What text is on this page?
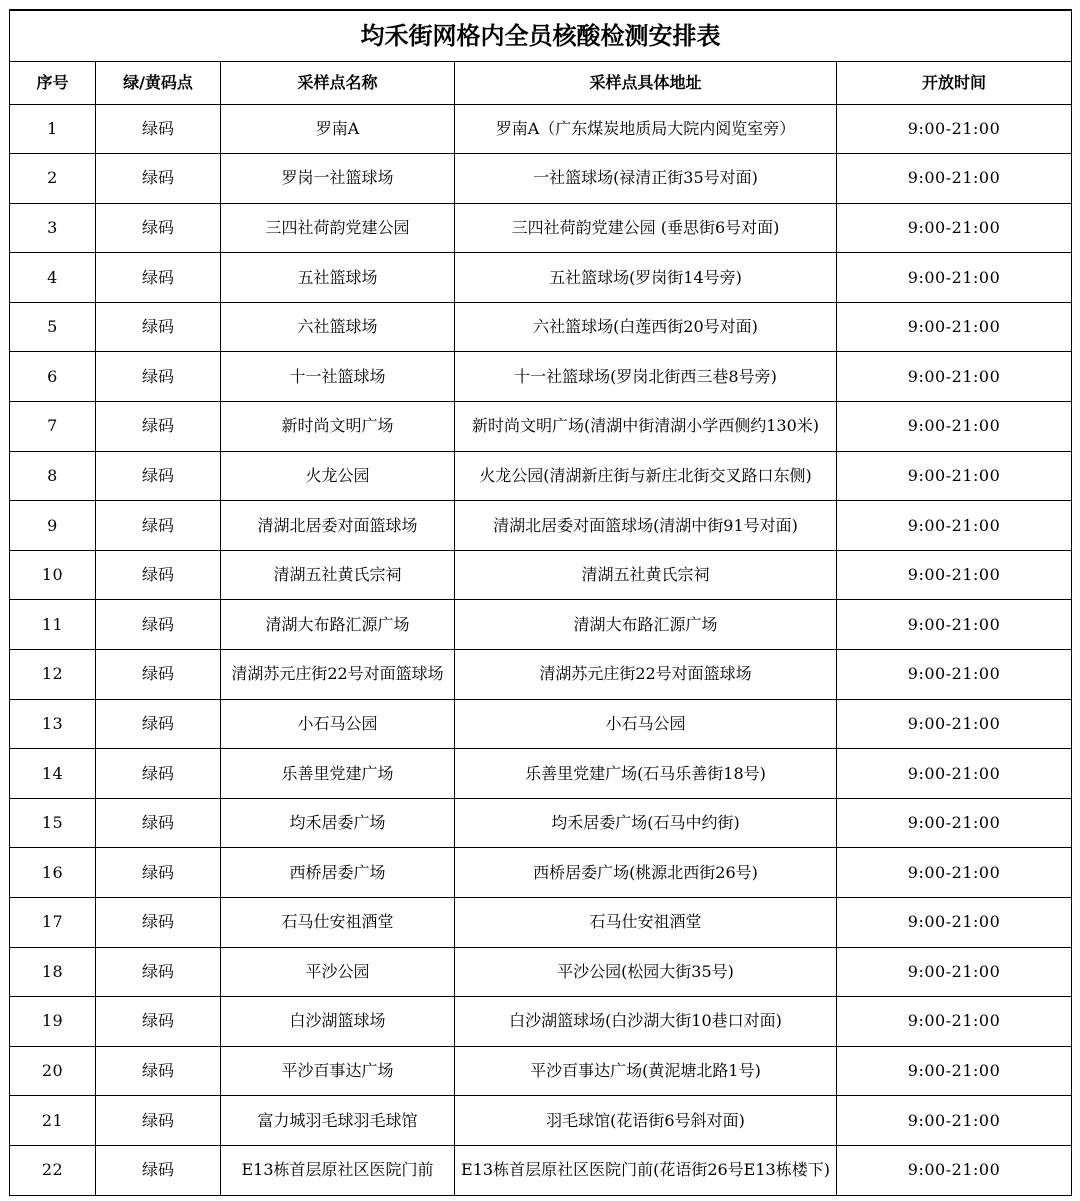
均禾街网格内全员核酸检测安排表				
序号	绿/黄码点	采样点名称	采样点具体地址	开放时间
1	绿码	罗南A	罗南A（广东煤炭地质局大院内阅览室旁）	9:00-21:00
2	绿码	罗岗一社篮球场	一社篮球场(禄清正街35号对面)	9:00-21:00
3	绿码	三四社荷韵党建公园	三四社荷韵党建公园 (垂思街6号对面)	9:00-21:00
4	绿码	五社篮球场	五社篮球场(罗岗街14号旁)	9:00-21:00
5	绿码	六社篮球场	六社篮球场(白莲西街20号对面)	9:00-21:00
6	绿码	十一社篮球场	十一社篮球场(罗岗北街西三巷8号旁)	9:00-21:00
7	绿码	新时尚文明广场	新时尚文明广场(清湖中街清湖小学西侧约130米)	9:00-21:00
8	绿码	火龙公园	火龙公园(清湖新庄街与新庄北街交叉路口东侧)	9:00-21:00
9	绿码	清湖北居委对面篮球场	清湖北居委对面篮球场(清湖中街91号对面)	9:00-21:00
10	绿码	清湖五社黄氏宗祠	清湖五社黄氏宗祠	9:00-21:00
11	绿码	清湖大布路汇源广场	清湖大布路汇源广场	9:00-21:00
12	绿码	清湖苏元庄街22号对面篮球场	清湖苏元庄街22号对面篮球场	9:00-21:00
13	绿码	小石马公园	小石马公园	9:00-21:00
14	绿码	乐善里党建广场	乐善里党建广场(石马乐善街18号)	9:00-21:00
15	绿码	均禾居委广场	均禾居委广场(石马中约街)	9:00-21:00
16	绿码	西桥居委广场	西桥居委广场(桃源北西街26号)	9:00-21:00
17	绿码	石马仕安祖酒堂	石马仕安祖酒堂	9:00-21:00
18	绿码	平沙公园	平沙公园(松园大街35号)	9:00-21:00
19	绿码	白沙湖篮球场	白沙湖篮球场(白沙湖大街10巷口对面)	9:00-21:00
20	绿码	平沙百事达广场	平沙百事达广场(黄泥塘北路1号)	9:00-21:00
21	绿码	富力城羽毛球羽毛球馆	羽毛球馆(花语街6号斜对面)	9:00-21:00
22	绿码	E13栋首层原社区医院门前	E13栋首层原社区医院门前(花语街26号E13栋楼下)	9:00-21:00
